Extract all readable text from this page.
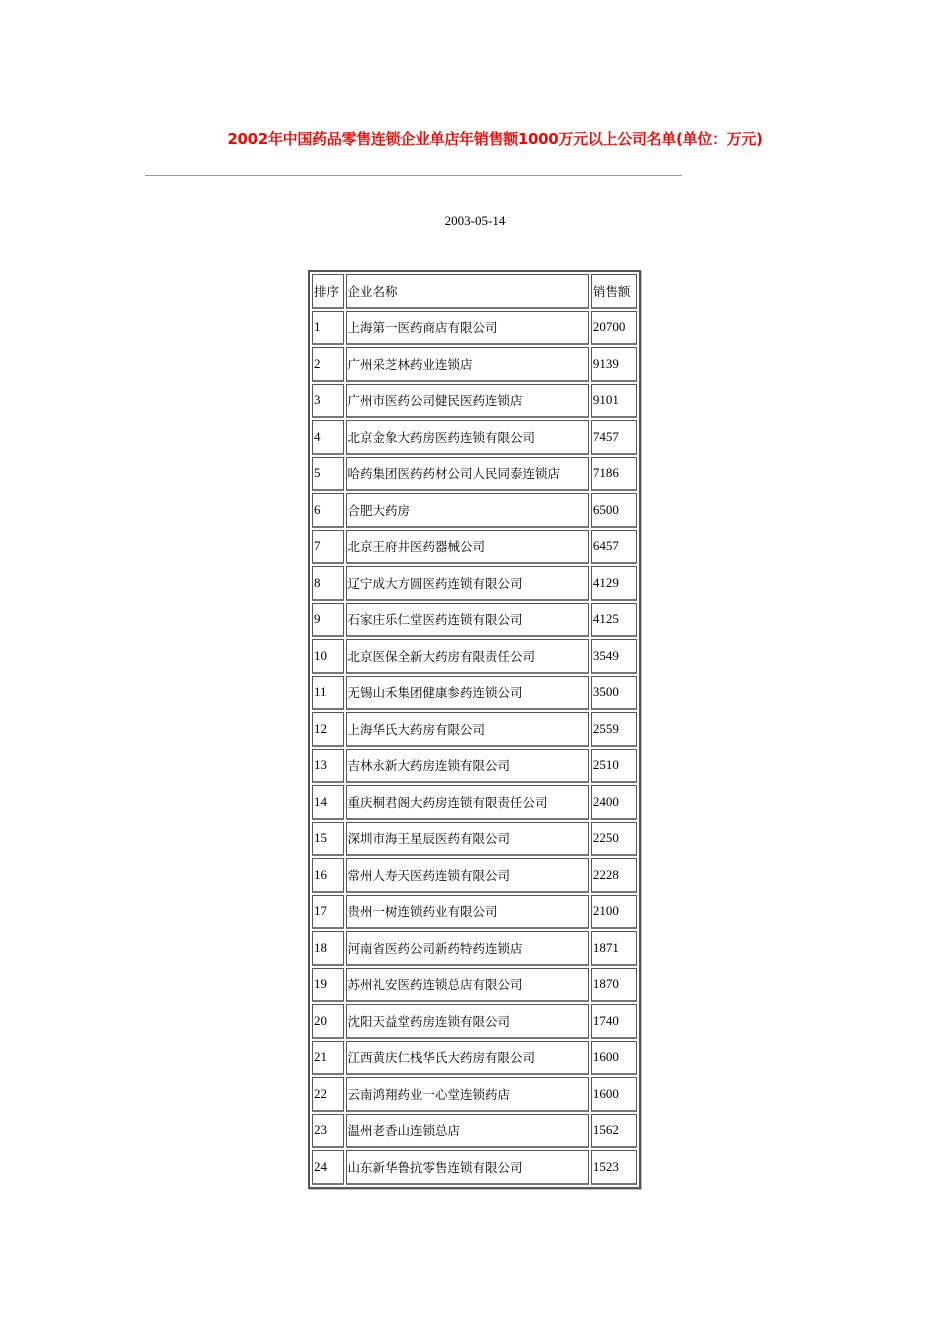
2002年中国药品零售连锁企业单店年销售额1000万元以上公司名单(单位：万元)
2003-05-14
排序	企业名称	销售额
1	上海第一医药商店有限公司	20700
2	广州采芝林药业连锁店	9139
3	广州市医药公司健民医药连锁店	9101
4	北京金象大药房医药连锁有限公司	7457
5	哈药集团医药药材公司人民同泰连锁店	7186
6	合肥大药房	6500
7	北京王府井医药器械公司	6457
8	辽宁成大方圆医药连锁有限公司	4129
9	石家庄乐仁堂医药连锁有限公司	4125
10	北京医保全新大药房有限责任公司	3549
11	无锡山禾集团健康参药连锁公司	3500
12	上海华氏大药房有限公司	2559
13	吉林永新大药房连锁有限公司	2510
14	重庆桐君阁大药房连锁有限责任公司	2400
15	深圳市海王星辰医药有限公司	2250
16	常州人寿天医药连锁有限公司	2228
17	贵州一树连锁药业有限公司	2100
18	河南省医药公司新药特药连锁店	1871
19	苏州礼安医药连锁总店有限公司	1870
20	沈阳天益堂药房连锁有限公司	1740
21	江西黄庆仁栈华氏大药房有限公司	1600
22	云南鸿翔药业一心堂连锁药店	1600
23	温州老香山连锁总店	1562
24	山东新华鲁抗零售连锁有限公司	1523
